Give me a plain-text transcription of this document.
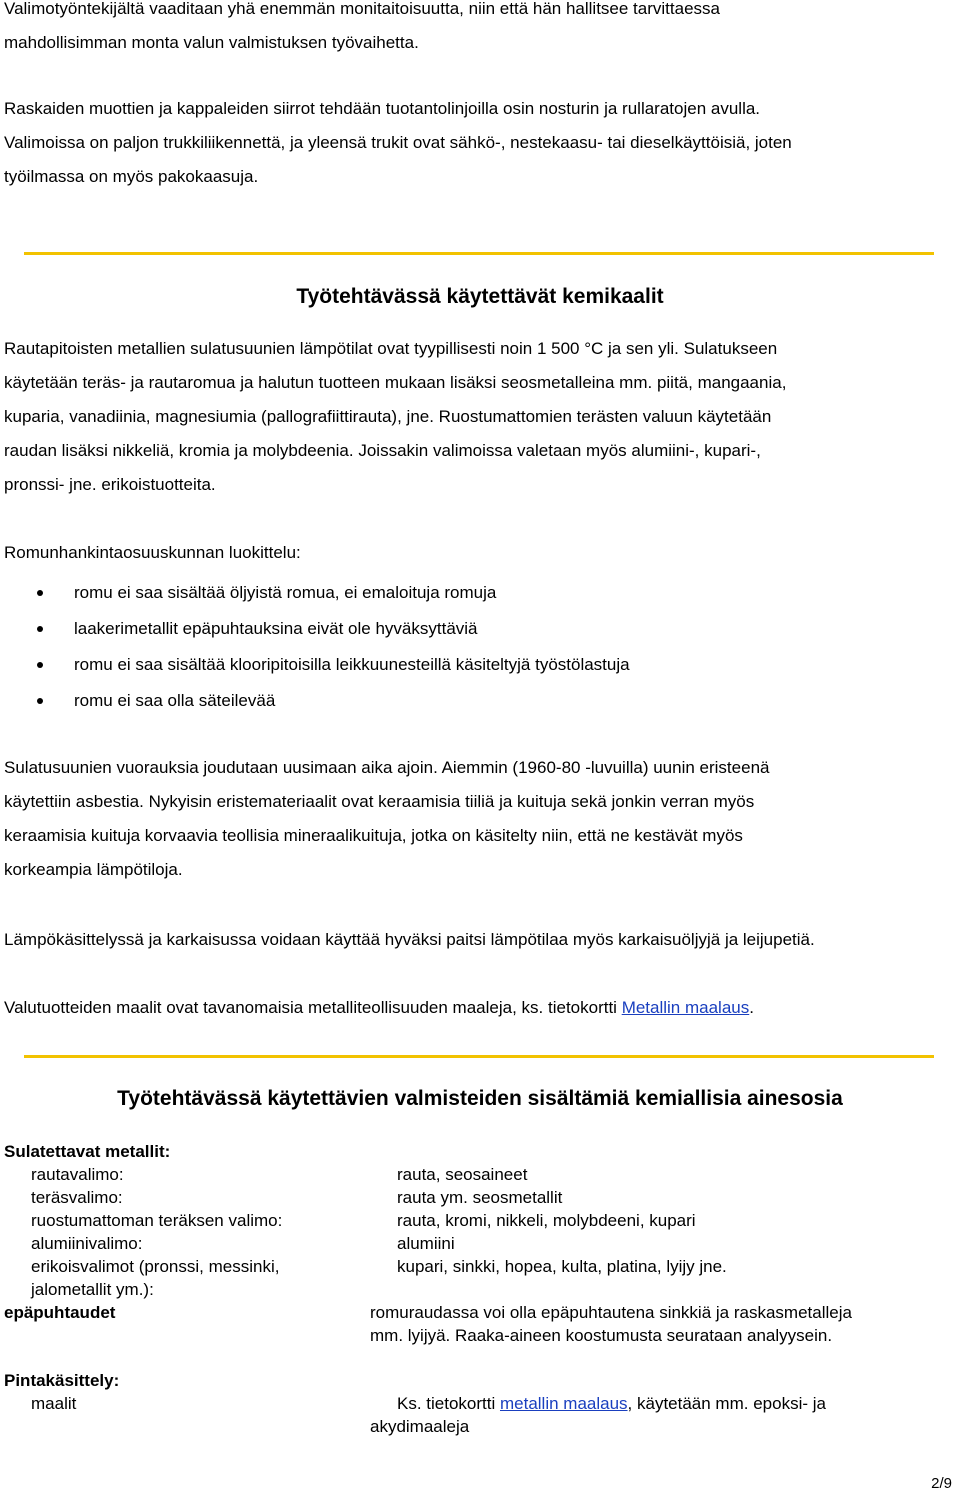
Valimotyöntekijältä vaaditaan yhä enemmän monitaitoisuutta, niin että hän hallitsee tarvittaessa
mahdollisimman monta valun valmistuksen työvaihetta.

Raskaiden muottien ja kappaleiden siirrot tehdään tuotantolinjoilla osin nosturin ja rullaratojen avulla.
Valimoissa on paljon trukkiliikennettä, ja yleensä trukit ovat sähkö-, nestekaasu- tai dieselkäyttöisiä, joten
työilmassa on myös pakokaasuja.

Työtehtävässä käytettävät kemikaalit

Rautapitoisten metallien sulatusuunien lämpötilat ovat tyypillisesti noin 1 500 °C ja sen yli. Sulatukseen
käytetään teräs- ja rautaromua ja halutun tuotteen mukaan lisäksi seosmetalleina mm. piitä, mangaania,
kuparia, vanadiinia, magnesiumia (pallografiittirauta), jne. Ruostumattomien terästen valuun käytetään
raudan lisäksi nikkeliä, kromia ja molybdeenia. Joissakin valimoissa valetaan myös alumiini-, kupari-,
pronssi- jne. erikoistuotteita.

Romunhankintaosuuskunnan luokittelu:

romu ei saa sisältää öljyistä romua, ei emaloituja romuja
laakerimetallit epäpuhtauksina eivät ole hyväksyttäviä
romu ei saa sisältää klooripitoisilla leikkuunesteillä käsiteltyjä työstölastuja
romu ei saa olla säteilevää

Sulatusuunien vuorauksia joudutaan uusimaan aika ajoin. Aiemmin (1960-80 -luvuilla) uunin eristeenä
käytettiin asbestia. Nykyisin eristemateriaalit ovat keraamisia tiiliä ja kuituja sekä jonkin verran myös
keraamisia kuituja korvaavia teollisia mineraalikuituja, jotka on käsitelty niin, että ne kestävät myös
korkeampia lämpötiloja.

Lämpökäsittelyssä ja karkaisussa voidaan käyttää hyväksi paitsi lämpötilaa myös karkaisuöljyjä ja leijupetiä.

Valutuotteiden maalit ovat tavanomaisia metalliteollisuuden maaleja, ks. tietokortti Metallin maalaus.

Työtehtävässä käytettävien valmisteiden sisältämiä kemiallisia ainesosia
Sulatettavat metallit:
rautavalimo:	rauta, seosaineet
teräsvalimo:	rauta ym. seosmetallit
ruostumattoman teräksen valimo:	rauta, kromi, nikkeli, molybdeeni, kupari
alumiinivalimo:	alumiini
erikoisvalimot (pronssi, messinki,	kupari, sinkki, hopea, kulta, platina, lyijy jne.
jalometallit ym.):
epäpuhtaudet	romuraudassa voi olla epäpuhtautena sinkkiä ja raskasmetalleja
mm. lyijyä. Raaka-aineen koostumusta seurataan analyysein.
Pintakäsittely:
maalit	Ks. tietokortti metallin maalaus, käytetään mm. epoksi- ja
akydimaaleja
2/9
